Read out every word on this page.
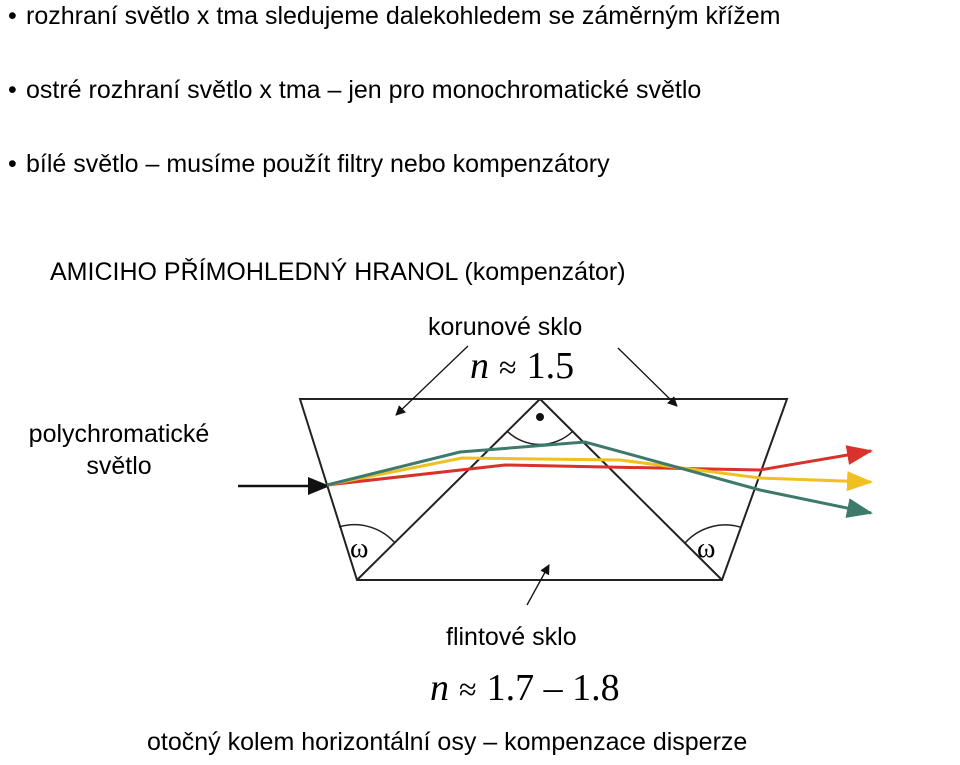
• rozhraní světlo x tma sledujeme dalekohledem se záměrným křížem
• ostré rozhraní světlo x tma – jen pro monochromatické světlo
• bílé světlo – musíme použít filtry nebo kompenzátory
AMICIHO PŘÍMOHLEDNÝ HRANOL (kompenzátor)
korunové sklo
n ≈ 1.5
polychromatické
světlo
flintové sklo
n ≈ 1.7 – 1.8
otočný kolem horizontální osy – kompenzace disperze
ω	ω
